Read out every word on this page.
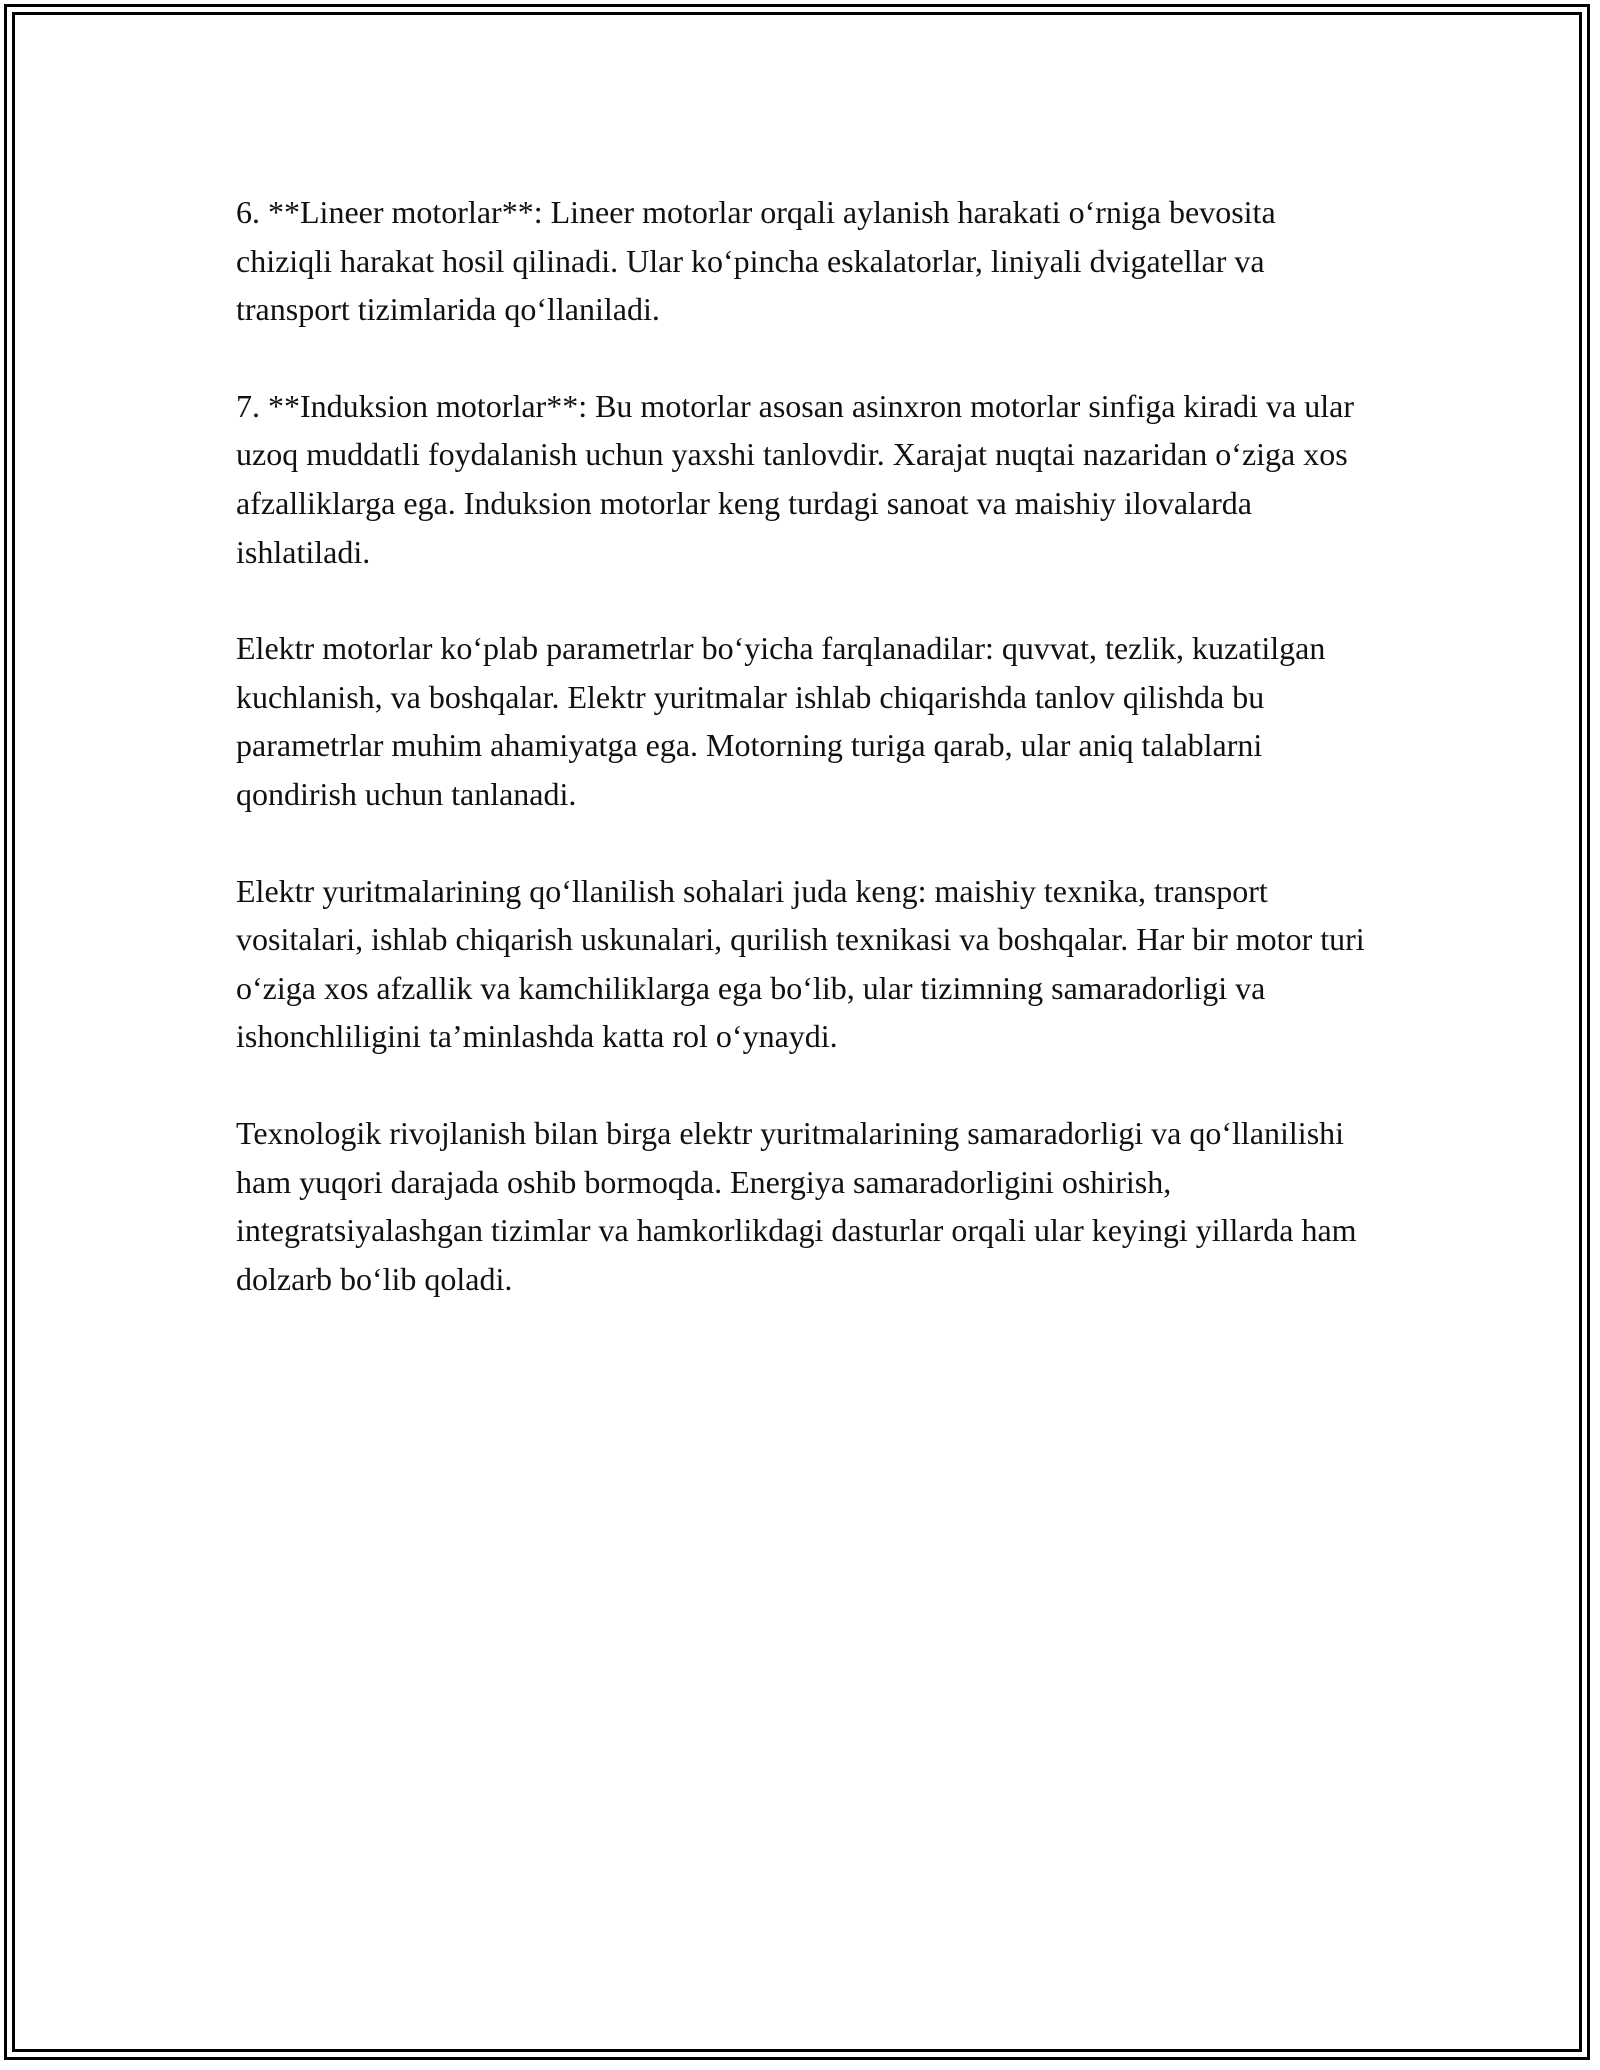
6. **Lineer motorlar**: Lineer motorlar orqali aylanish harakati o‘rniga bevosita chiziqli harakat hosil qilinadi. Ular ko‘pincha eskalatorlar, liniyali dvigatellar va transport tizimlarida qo‘llaniladi.

7. **Induksion motorlar**: Bu motorlar asosan asinxron motorlar sinfiga kiradi va ular uzoq muddatli foydalanish uchun yaxshi tanlovdir. Xarajat nuqtai nazaridan o‘ziga xos afzalliklarga ega. Induksion motorlar keng turdagi sanoat va maishiy ilovalarda ishlatiladi.

Elektr motorlar ko‘plab parametrlar bo‘yicha farqlanadilar: quvvat, tezlik, kuzatilgan kuchlanish, va boshqalar. Elektr yuritmalar ishlab chiqarishda tanlov qilishda bu parametrlar muhim ahamiyatga ega. Motorning turiga qarab, ular aniq talablarni qondirish uchun tanlanadi.

Elektr yuritmalarining qo‘llanilish sohalari juda keng: maishiy texnika, transport vositalari, ishlab chiqarish uskunalari, qurilish texnikasi va boshqalar. Har bir motor turi o‘ziga xos afzallik va kamchiliklarga ega bo‘lib, ular tizimning samaradorligi va ishonchliligini ta’minlashda katta rol o‘ynaydi.

Texnologik rivojlanish bilan birga elektr yuritmalarining samaradorligi va qo‘llanilishi ham yuqori darajada oshib bormoqda. Energiya samaradorligini oshirish, integratsiyalashgan tizimlar va hamkorlikdagi dasturlar orqali ular keyingi yillarda ham dolzarb bo‘lib qoladi.
